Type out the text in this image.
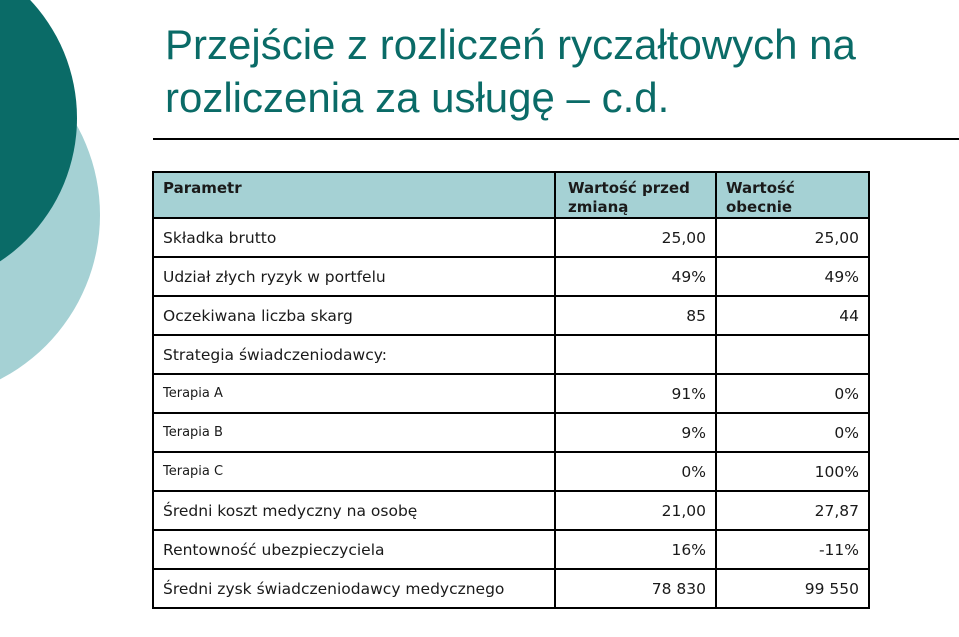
Przejście z rozliczeń ryczałtowych na rozliczenia za usługę – c.d.
Parametr	Wartość przed zmianą	Wartość obecnie
Składka brutto	25,00	25,00
Udział złych ryzyk w portfelu	49%	49%
Oczekiwana liczba skarg	85	44
Strategia świadczeniodawcy:		
Terapia A	91%	0%
Terapia B	9%	0%
Terapia C	0%	100%
Średni koszt medyczny na osobę	21,00	27,87
Rentowność ubezpieczyciela	16%	-11%
Średni zysk świadczeniodawcy medycznego	78 830	99 550
